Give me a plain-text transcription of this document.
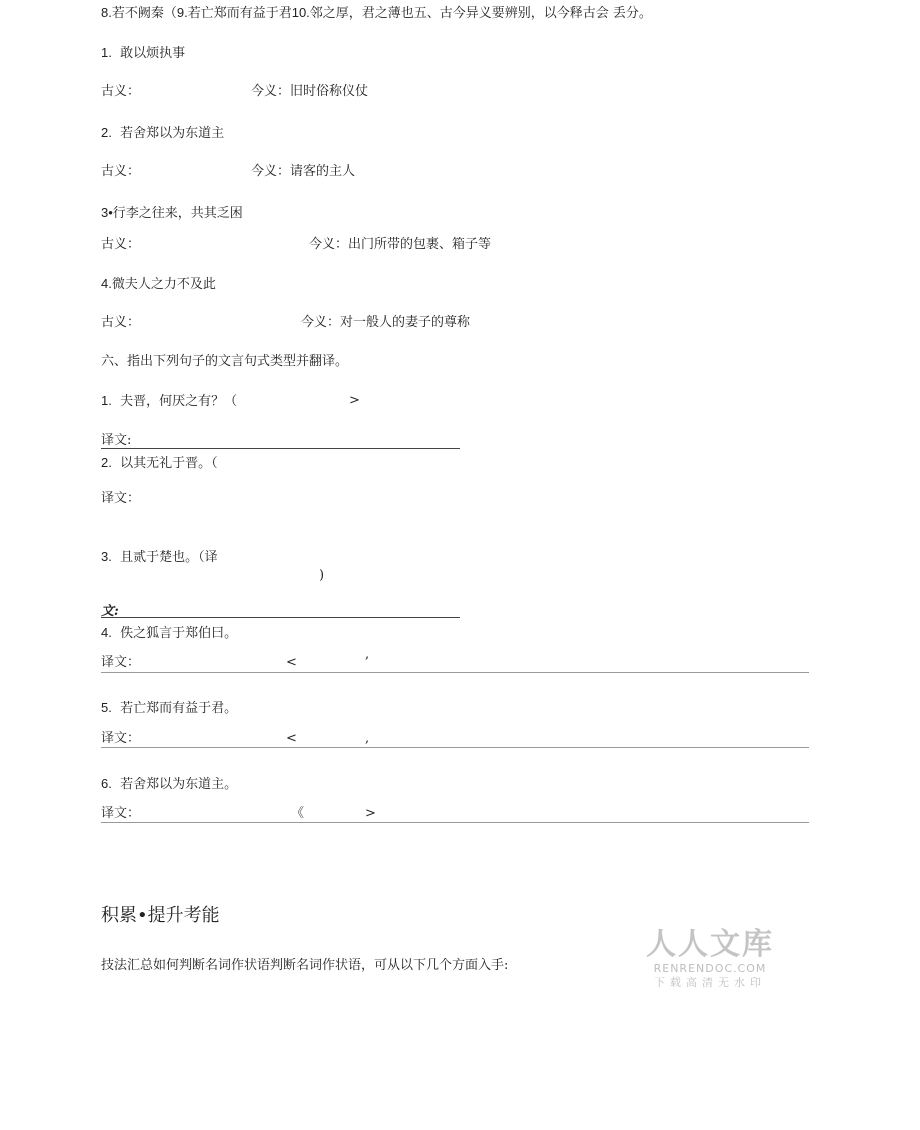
8.若不阙秦（9.若亡郑而有益于君10.邻之厚，君之薄也五、古今异义要辨别，以今释古会 丢分。
1. 敢以烦执事
古义：	今义：旧时俗称仪仗
2. 若舍郑以为东道主
古义：	今义：请客的主人
3•行李之往来，共其乏困
古义：	今义：出门所带的包裹、箱子等
4.微夫人之力不及此
古义：	今义：对一般人的妻子的尊称
六、指出下列句子的文言句式类型并翻译。
1. 夫晋，何厌之有？（	>
译文:
2. 以其无礼于晋。（
译文：
3. 且贰于楚也。（译
)
文:
4. 佚之狐言于郑伯曰。
译文：	<
,
5. 若亡郑而有益于君。
译文：	<	,
6. 若舍郑以为东道主。
译文：	《	>
积累•提升考能
技法汇总如何判断名词作状语判断名词作状语，可从以下几个方面入手:
人人文库
RENRENDOC.COM
下载高清无水印
